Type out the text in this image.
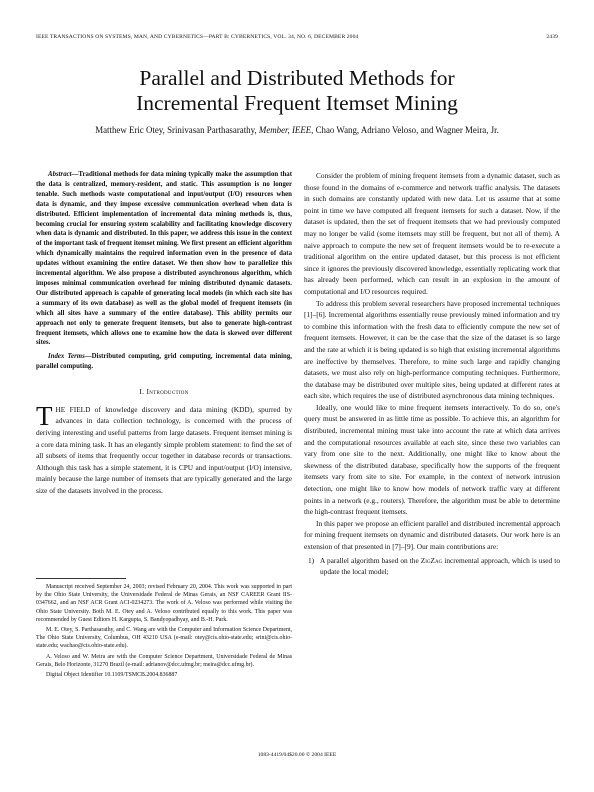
IEEE TRANSACTIONS ON SYSTEMS, MAN, AND CYBERNETICS—PART B: CYBERNETICS, VOL. 34, NO. 6, DECEMBER 2004	2439
Parallel and Distributed Methods for
Incremental Frequent Itemset Mining
Matthew Eric Otey, Srinivasan Parthasarathy, Member, IEEE, Chao Wang, Adriano Veloso, and Wagner Meira, Jr.

Abstract—Traditional methods for data mining typically make the assumption that the data is centralized, memory-resident, and static. This assumption is no longer tenable. Such methods waste computational and input/output (I/O) resources when data is dynamic, and they impose excessive communication overhead when data is distributed. Efficient implementation of incremental data mining methods is, thus, becoming crucial for ensuring system scalability and facilitating knowledge discovery when data is dynamic and distributed. In this paper, we address this issue in the context of the important task of frequent itemset mining. We first present an efficient algorithm which dynamically maintains the required information even in the presence of data updates without examining the entire dataset. We then show how to parallelize this incremental algorithm. We also propose a distributed asynchronous algorithm, which imposes minimal communication overhead for mining distributed dynamic datasets. Our distributed approach is capable of generating local models (in which each site has a summary of its own database) as well as the global model of frequent itemsets (in which all sites have a summary of the entire database). This ability permits our approach not only to generate frequent itemsets, but also to generate high-contrast frequent itemsets, which allows one to examine how the data is skewed over different sites.

Index Terms—Distributed computing, grid computing, incremental data mining, parallel computing.

I. Introduction

THE FIELD of knowledge discovery and data mining (KDD), spurred by advances in data collection technology, is concerned with the process of deriving interesting and useful patterns from large datasets. Frequent itemset mining is a core data mining task. It has an elegantly simple problem statement: to find the set of all subsets of items that frequently occur together in database records or transactions. Although this task has a simple statement, it is CPU and input/output (I/O) intensive, mainly because the large number of itemsets that are typically generated and the large size of the datasets involved in the process.

Manuscript received September 24, 2003; revised February 20, 2004. This work was supported in part by the Ohio State University, the Universidade Federal de Minas Gerais, an NSF CAREER Grant IIS-0347662, and an NSF ACR Grant ACI-0234273. The work of A. Veloso was performed while visiting the Ohio State University. Both M. E. Otey and A. Veloso contributed equally to this work. This paper was recommended by Guest Editors H. Kargupta, S. Bandyopadhyay, and B.-H. Park.

M. E. Otey, S. Parthasarathy, and C. Wang are with the Computer and Information Science Department, The Ohio State University, Columbus, OH 43210 USA (e-mail: otey@cis.ohio-state.edu; srini@cis.ohio-state.edu; wachao@cis.ohio-state.edu).

A. Veloso and W. Meira are with the Computer Science Department, Universidade Federal de Minas Gerais, Belo Horizonte, 31270 Brazil (e-mail: adrianov@dcc.ufmg.br; meira@dcc.ufmg.br).

Digital Object Identifier 10.1109/TSMCB.2004.836887

Consider the problem of mining frequent itemsets from a dynamic dataset, such as those found in the domains of e-commerce and network traffic analysis. The datasets in such domains are constantly updated with new data. Let us assume that at some point in time we have computed all frequent itemsets for such a dataset. Now, if the dataset is updated, then the set of frequent itemsets that we had previously computed may no longer be valid (some itemsets may still be frequent, but not all of them). A naive approach to compute the new set of frequent itemsets would be to re-execute a traditional algorithm on the entire updated dataset, but this process is not efficient since it ignores the previously discovered knowledge, essentially replicating work that has already been performed, which can result in an explosion in the amount of computational and I/O resources required.

To address this problem several researchers have proposed incremental techniques [1]–[6]. Incremental algorithms essentially reuse previously mined information and try to combine this information with the fresh data to efficiently compute the new set of frequent itemsets. However, it can be the case that the size of the dataset is so large and the rate at which it is being updated is so high that existing incremental algorithms are ineffective by themselves. Therefore, to mine such large and rapidly changing datasets, we must also rely on high-performance computing techniques. Furthermore, the database may be distributed over multiple sites, being updated at different rates at each site, which requires the use of distributed asynchronous data mining techniques.

Ideally, one would like to mine frequent itemsets interactively. To do so, one's query must be answered in as little time as possible. To achieve this, an algorithm for distributed, incremental mining must take into account the rate at which data arrives and the computational resources available at each site, since these two variables can vary from one site to the next. Additionally, one might like to know about the skewness of the distributed database, specifically how the supports of the frequent itemsets vary from site to site. For example, in the context of network intrusion detection, one might like to know how models of network traffic vary at different points in a network (e.g., routers). Therefore, the algorithm must be able to determine the high-contrast frequent itemsets.

In this paper we propose an efficient parallel and distributed incremental approach for mining frequent itemsets on dynamic and distributed datasets. Our work here is an extension of that presented in [7]–[9]. Our main contributions are:

1) A parallel algorithm based on the ZigZag incremental approach, which is used to update the local model;
1083-4419/04$20.00 © 2004 IEEE
